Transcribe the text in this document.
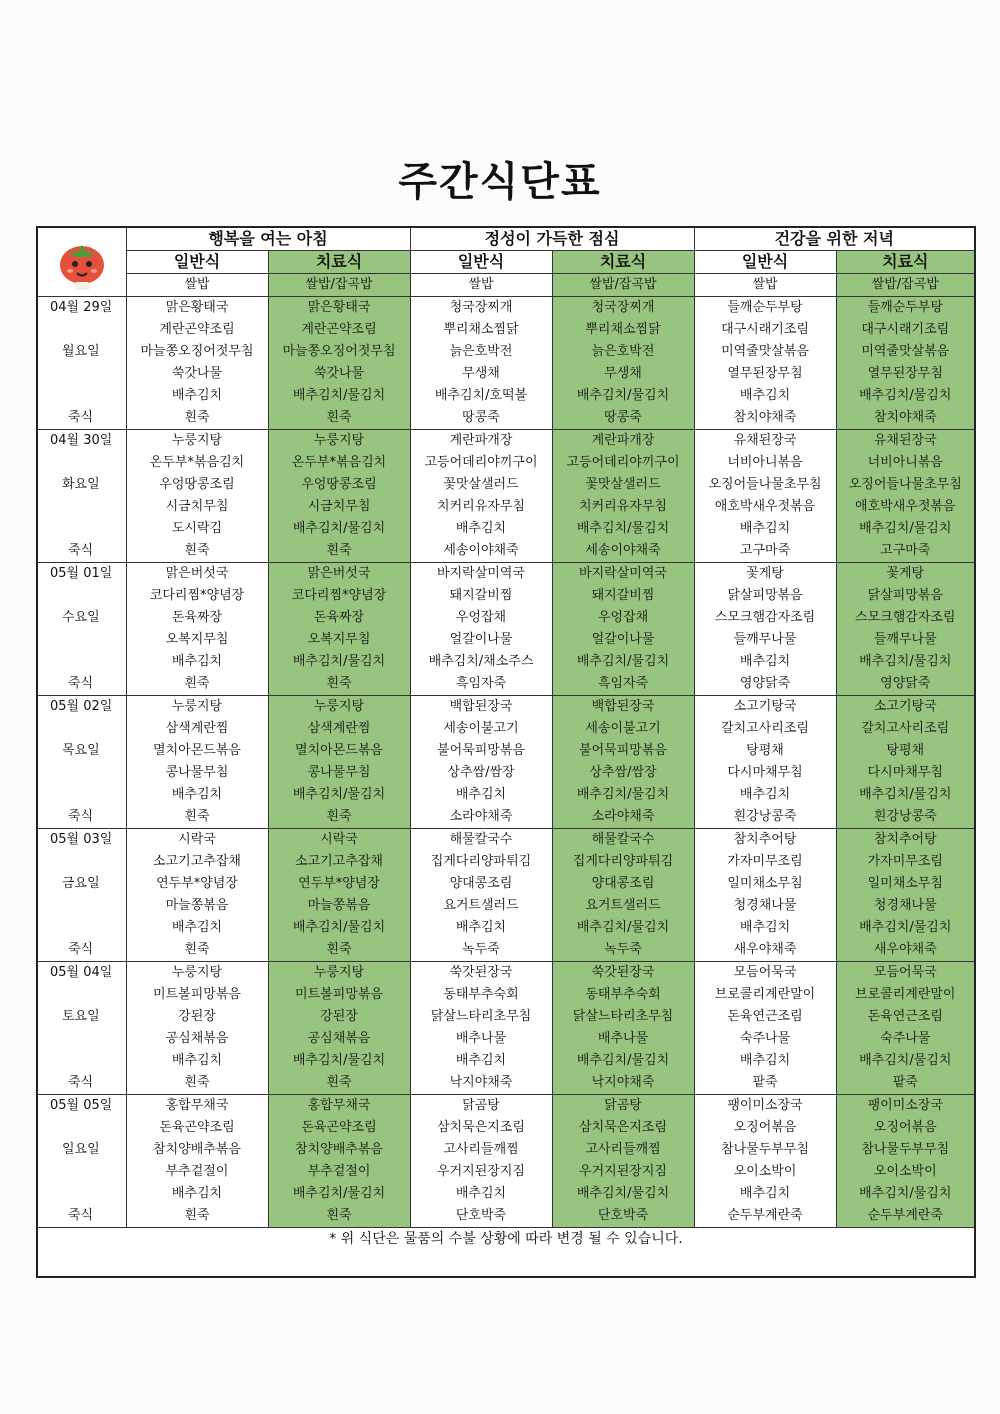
주간식단표
	행복을 여는 아침		정성이 가득한 점심		건강을 위한 저녁	
	일반식	치료식	일반식	치료식	일반식	치료식
	쌀밥	쌀밥/잡곡밥	쌀밥	쌀밥/잡곡밥	쌀밥	쌀밥/잡곡밥
04월 29일	맑은황태국	맑은황태국	청국장찌개	청국장찌개	들깨순두부탕	들깨순두부탕
	계란곤약조림	계란곤약조림	뿌리채소찜닭	뿌리채소찜닭	대구시래기조림	대구시래기조림
월요일	마늘쫑오징어젓무침	마늘쫑오징어젓무침	늙은호박전	늙은호박전	미역줄맛살볶음	미역줄맛살볶음
	쑥갓나물	쑥갓나물	무생채	무생채	열무된장무침	열무된장무침
	배추김치	배추김치/물김치	배추김치/호떡볼	배추김치/물김치	배추김치	배추김치/물김치
죽식	흰죽	흰죽	땅콩죽	땅콩죽	참치야채죽	참치야채죽
04월 30일	누룽지탕	누룽지탕	계란파개장	계란파개장	유채된장국	유채된장국
	온두부*볶음김치	온두부*볶음김치	고등어데리야끼구이	고등어데리야끼구이	너비아니볶음	너비아니볶음
화요일	우엉땅콩조림	우엉땅콩조림	꽃맛살샐러드	꽃맛살샐러드	오징어들나물초무침	오징어들나물초무침
	시금치무침	시금치무침	치커리유자무침	치커리유자무침	애호박새우젓볶음	애호박새우젓볶음
	도시락김	배추김치/물김치	배추김치	배추김치/물김치	배추김치	배추김치/물김치
죽식	흰죽	흰죽	세송이야채죽	세송이야채죽	고구마죽	고구마죽
05월 01일	맑은버섯국	맑은버섯국	바지락살미역국	바지락살미역국	꽃게탕	꽃게탕
	코다리찜*양념장	코다리찜*양념장	돼지갈비찜	돼지갈비찜	닭살피망볶음	닭살피망볶음
수요일	돈육짜장	돈육짜장	우엉잡채	우엉잡채	스모크햄감자조림	스모크햄감자조림
	오복지무침	오복지무침	얼갈이나물	얼갈이나물	들깨무나물	들깨무나물
	배추김치	배추김치/물김치	배추김치/채소주스	배추김치/물김치	배추김치	배추김치/물김치
죽식	흰죽	흰죽	흑임자죽	흑임자죽	영양닭죽	영양닭죽
05월 02일	누룽지탕	누룽지탕	백합된장국	백합된장국	소고기탕국	소고기탕국
	삼색계란찜	삼색계란찜	세송이불고기	세송이불고기	갈치고사리조림	갈치고사리조림
목요일	멸치아몬드볶음	멸치아몬드볶음	불어묵피망볶음	불어묵피망볶음	탕평채	탕평채
	콩나물무침	콩나물무침	상추쌈/쌈장	상추쌈/쌈장	다시마채무침	다시마채무침
	배추김치	배추김치/물김치	배추김치	배추김치/물김치	배추김치	배추김치/물김치
죽식	흰죽	흰죽	소라야채죽	소라야채죽	흰강낭콩죽	흰강낭콩죽
05월 03일	시락국	시락국	해물칼국수	해물칼국수	참치추어탕	참치추어탕
	소고기고추잡채	소고기고추잡채	집게다리양파튀김	집게다리양파튀김	가자미무조림	가자미무조림
금요일	연두부*양념장	연두부*양념장	양대콩조림	양대콩조림	일미채소무침	일미채소무침
	마늘쫑볶음	마늘쫑볶음	요거트샐러드	요거트샐러드	청경채나물	청경채나물
	배추김치	배추김치/물김치	배추김치	배추김치/물김치	배추김치	배추김치/물김치
죽식	흰죽	흰죽	녹두죽	녹두죽	새우야채죽	새우야채죽
05월 04일	누룽지탕	누룽지탕	쑥갓된장국	쑥갓된장국	모듬어묵국	모듬어묵국
	미트볼피망볶음	미트볼피망볶음	동태부추숙회	동태부추숙회	브로콜리계란말이	브로콜리계란말이
토요일	강된장	강된장	닭살느타리초무침	닭살느타리초무침	돈육연근조림	돈육연근조림
	공심채볶음	공심채볶음	배추나물	배추나물	숙주나물	숙주나물
	배추김치	배추김치/물김치	배추김치	배추김치/물김치	배추김치	배추김치/물김치
죽식	흰죽	흰죽	낙지야채죽	낙지야채죽	팥죽	팥죽
05월 05일	홍합무채국	홍합무채국	닭곰탕	닭곰탕	팽이미소장국	팽이미소장국
	돈육곤약조림	돈육곤약조림	삼치묵은지조림	삼치묵은지조림	오징어볶음	오징어볶음
일요일	참치양배추볶음	참치양배추볶음	고사리들깨찜	고사리들깨찜	참나물두부무침	참나물두부무침
	부추겉절이	부추겉절이	우거지된장지짐	우거지된장지짐	오이소박이	오이소박이
	배추김치	배추김치/물김치	배추김치	배추김치/물김치	배추김치	배추김치/물김치
죽식	흰죽	흰죽	단호박죽	단호박죽	순두부계란죽	순두부계란죽
* 위 식단은 물품의 수불 상황에 따라 변경 될 수 있습니다.
